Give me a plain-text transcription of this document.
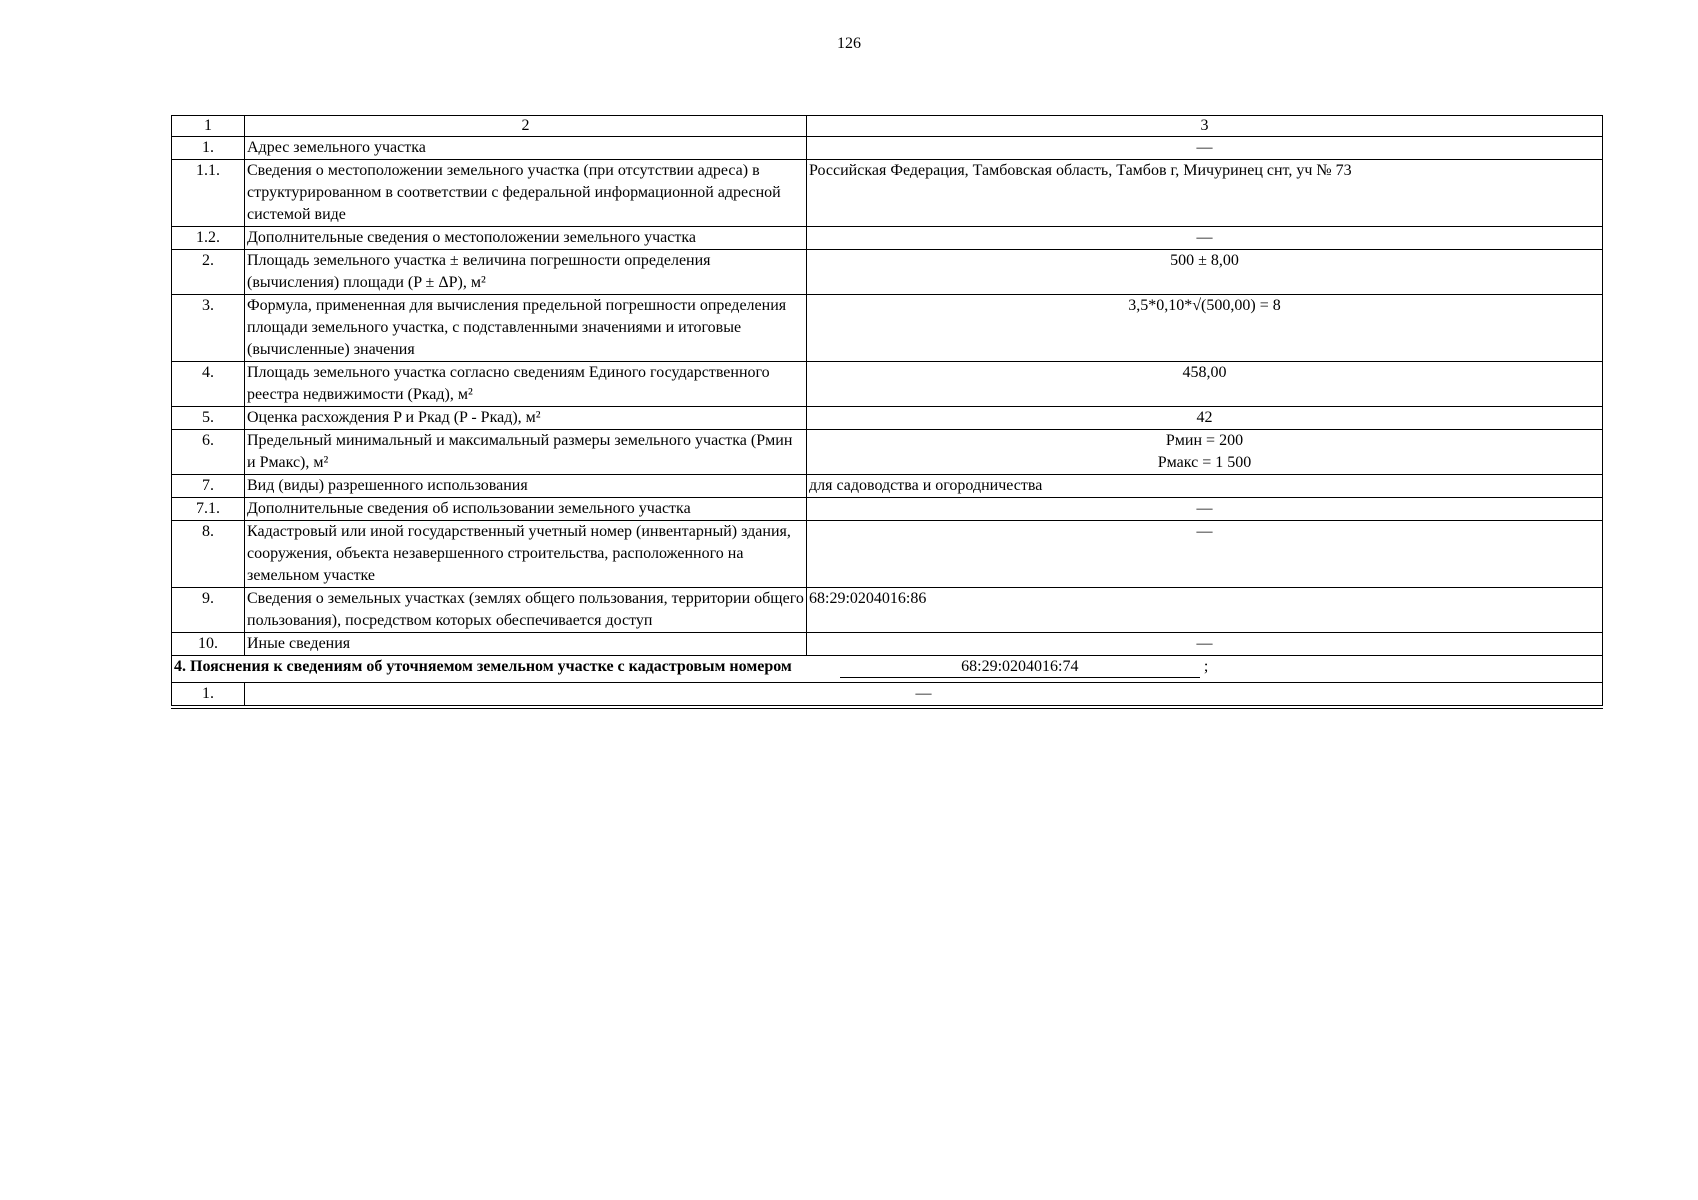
126
1	2	3
1.	Адрес земельного участка	—
1.1.	Сведения о местоположении земельного участка (при отсутствии адреса) в структурированном в соответствии с федеральной информационной адресной системой виде	Российская Федерация, Тамбовская область, Тамбов г, Мичуринец снт, уч № 73
1.2.	Дополнительные сведения о местоположении земельного участка	—
2.	Площадь земельного участка ± величина погрешности определения (вычисления) площади (P ± ΔP), м²	500 ± 8,00
3.	Формула, примененная для вычисления предельной погрешности определения площади земельного участка, с подставленными значениями и итоговые (вычисленные) значения	3,5*0,10*√(500,00) = 8
4.	Площадь земельного участка согласно сведениям Единого государственного реестра недвижимости (Ркад), м²	458,00
5.	Оценка расхождения P и Ркад (P - Ркад), м²	42
6.	Предельный минимальный и максимальный размеры земельного участка (Рмин и Рмакс), м²	Рмин = 200
Рмакс = 1 500

7.	Вид (виды) разрешенного использования	для садоводства и огородничества
7.1.	Дополнительные сведения об использовании земельного участка	—
8.	Кадастровый или иной государственный учетный номер (инвентарный) здания, сооружения, объекта незавершенного строительства, расположенного на земельном участке	—
9.	Сведения о земельных участках (землях общего пользования, территории общего пользования), посредством которых обеспечивается доступ	68:29:0204016:86
10.	Иные сведения	—

4. Пояснения к сведениям об уточняемом земельном участке с кадастровым номером 68:29:0204016:74 ;		

1.	—	
